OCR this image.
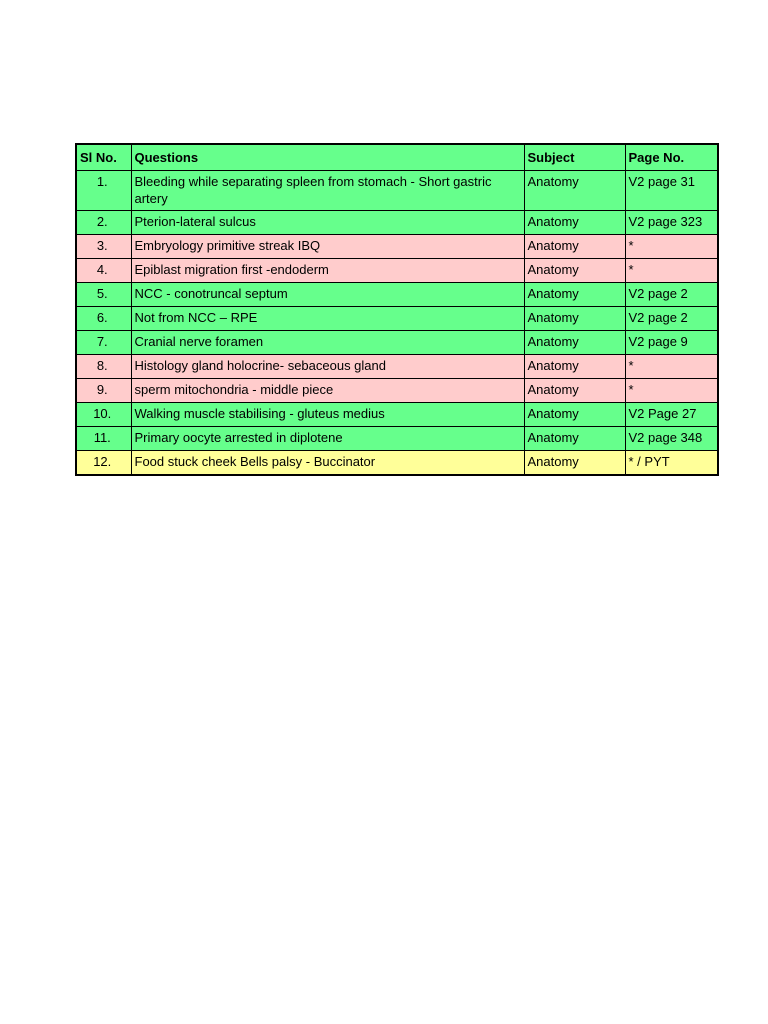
Sl No.	Questions	Subject	Page No.
1.	Bleeding while separating spleen from stomach - Short gastric artery	Anatomy	V2 page 31
2.	Pterion-lateral sulcus	Anatomy	V2 page 323
3.	Embryology primitive streak IBQ	Anatomy	*
4.	Epiblast migration first -endoderm	Anatomy	*
5.	NCC - conotruncal septum	Anatomy	V2 page 2
6.	Not from NCC – RPE	Anatomy	V2 page 2
7.	Cranial nerve foramen	Anatomy	V2 page 9
8.	Histology gland holocrine- sebaceous gland	Anatomy	*
9.	sperm mitochondria - middle piece	Anatomy	*
10.	Walking muscle stabilising - gluteus medius	Anatomy	V2 Page 27
11.	Primary oocyte arrested in diplotene	Anatomy	V2 page 348
12.	Food stuck cheek Bells palsy - Buccinator	Anatomy	* / PYT
